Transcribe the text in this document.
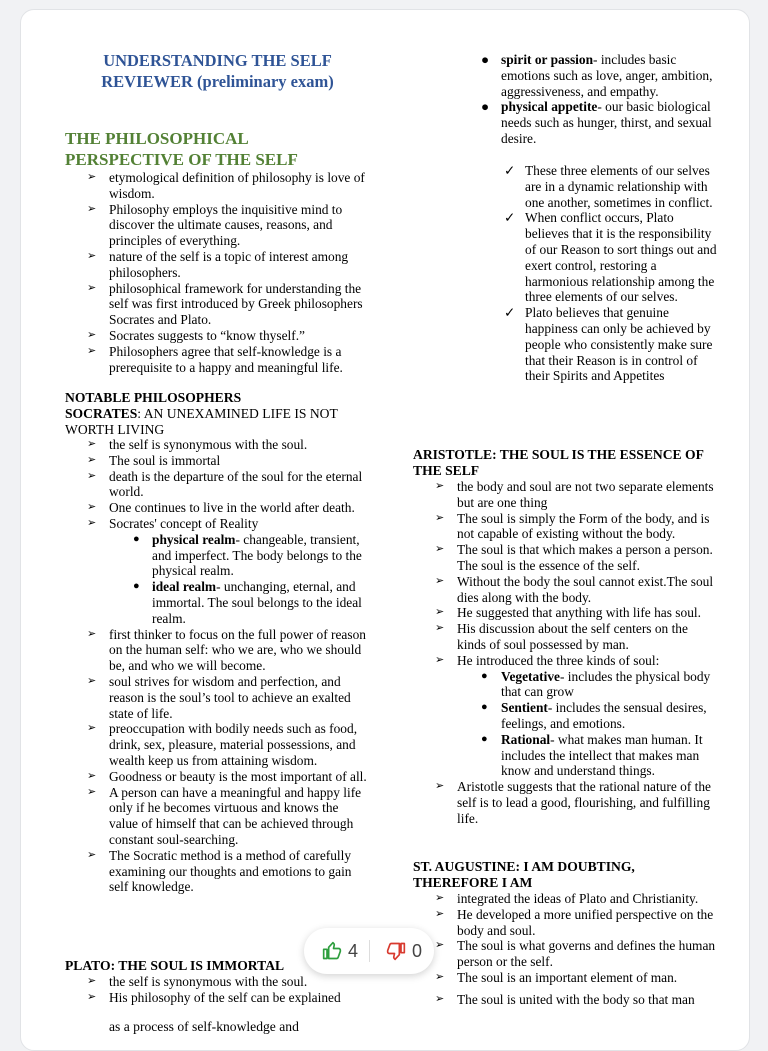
UNDERSTANDING THE SELF
REVIEWER (preliminary exam)
THE PHILOSOPHICAL
PERSPECTIVE OF THE SELF
➢ etymological definition of philosophy is love of wisdom.
➢ Philosophy employs the inquisitive mind to discover the ultimate causes, reasons, and principles of everything.
➢ nature of the self is a topic of interest among philosophers.
➢ philosophical framework for understanding the self was first introduced by Greek philosophers Socrates and Plato.
➢ Socrates suggests to “know thyself.”
➢ Philosophers agree that self-knowledge is a prerequisite to a happy and meaningful life.
NOTABLE PHILOSOPHERS
SOCRATES: AN UNEXAMINED LIFE IS NOT WORTH LIVING
➢ the self is synonymous with the soul.
➢ The soul is immortal
➢ death is the departure of the soul for the eternal world.
➢ One continues to live in the world after death.
➢ Socrates' concept of Reality
● physical realm- changeable, transient, and imperfect. The body belongs to the physical realm.
● ideal realm- unchanging, eternal, and immortal. The soul belongs to the ideal realm.
➢ first thinker to focus on the full power of reason on the human self: who we are, who we should be, and who we will become.
➢ soul strives for wisdom and perfection, and reason is the soul’s tool to achieve an exalted state of life.
➢ preoccupation with bodily needs such as food, drink, sex, pleasure, material possessions, and wealth keep us from attaining wisdom.
➢ Goodness or beauty is the most important of all.
➢ A person can have a meaningful and happy life only if he becomes virtuous and knows the value of himself that can be achieved through constant soul-searching.
➢ The Socratic method is a method of carefully examining our thoughts and emotions to gain self knowledge.
PLATO: THE SOUL IS IMMORTAL
➢ the self is synonymous with the soul.
➢ His philosophy of the self can be explained
as a process of self-knowledge and
● spirit or passion- includes basic emotions such as love, anger, ambition, aggressiveness, and empathy.
● physical appetite- our basic biological needs such as hunger, thirst, and sexual desire.
✓ These three elements of our selves are in a dynamic relationship with one another, sometimes in conflict.
✓ When conflict occurs, Plato believes that it is the responsibility of our Reason to sort things out and exert control, restoring a harmonious relationship among the three elements of our selves.
✓ Plato believes that genuine happiness can only be achieved by people who consistently make sure that their Reason is in control of their Spirits and Appetites
ARISTOTLE: THE SOUL IS THE ESSENCE OF THE SELF
➢ the body and soul are not two separate elements but are one thing
➢ The soul is simply the Form of the body, and is not capable of existing without the body.
➢ The soul is that which makes a person a person. The soul is the essence of the self.
➢ Without the body the soul cannot exist.The soul dies along with the body.
➢ He suggested that anything with life has soul.
➢ His discussion about the self centers on the kinds of soul possessed by man.
➢ He introduced the three kinds of soul:
● Vegetative- includes the physical body that can grow
● Sentient- includes the sensual desires, feelings, and emotions.
● Rational- what makes man human. It includes the intellect that makes man know and understand things.
➢ Aristotle suggests that the rational nature of the self is to lead a good, flourishing, and fulfilling life.
ST. AUGUSTINE: I AM DOUBTING, THEREFORE I AM
➢ integrated the ideas of Plato and Christianity.
➢ He developed a more unified perspective on the body and soul.
➢ The soul is what governs and defines the human person or the self.
➢ The soul is an important element of man.
➢ The soul is united with the body so that man
4	0
